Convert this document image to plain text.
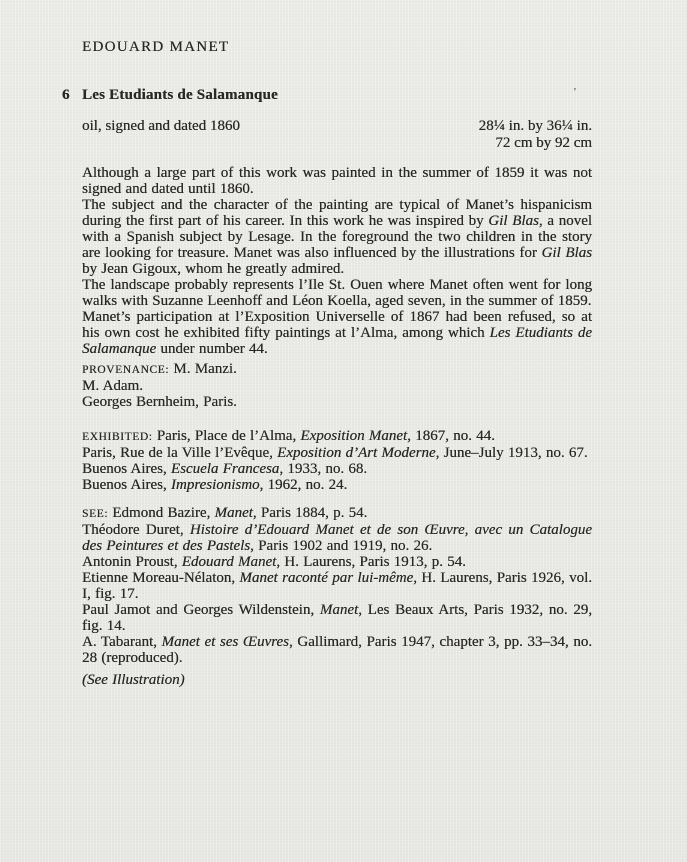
EDOUARD MANET
’
6 Les Etudiants de Salamanque
oil, signed and dated 1860	28¼ in. by 36¼ in.
72 cm by 92 cm

Although a large part of this work was painted in the summer of 1859 it was not signed and dated until 1860.

The subject and the character of the painting are typical of Manet’s hispanicism during the first part of his career. In this work he was inspired by Gil Blas, a novel with a Spanish subject by Lesage. In the foreground the two children in the story are looking for treasure. Manet was also influenced by the illustrations for Gil Blas by Jean Gigoux, whom he greatly admired.

The landscape probably represents l’Ile St. Ouen where Manet often went for long walks with Suzanne Leenhoff and Léon Koella, aged seven, in the summer of 1859.

Manet’s participation at l’Exposition Universelle of 1867 had been refused, so at his own cost he exhibited fifty paintings at l’Alma, among which Les Etudiants de Salamanque under number 44.

PROVENANCE: M. Manzi.

M. Adam.

Georges Bernheim, Paris.

EXHIBITED: Paris, Place de l’Alma, Exposition Manet, 1867, no. 44.

Paris, Rue de la Ville l’Evêque, Exposition d’Art Moderne, June–July 1913, no. 67.

Buenos Aires, Escuela Francesa, 1933, no. 68.

Buenos Aires, Impresionismo, 1962, no. 24.

SEE: Edmond Bazire, Manet, Paris 1884, p. 54.

Théodore Duret, Histoire d’Edouard Manet et de son Œuvre, avec un Catalogue des Peintures et des Pastels, Paris 1902 and 1919, no. 26.

Antonin Proust, Edouard Manet, H. Laurens, Paris 1913, p. 54.

Etienne Moreau-Nélaton, Manet raconté par lui-même, H. Laurens, Paris 1926, vol. I, fig. 17.

Paul Jamot and Georges Wildenstein, Manet, Les Beaux Arts, Paris 1932, no. 29, fig. 14.

A. Tabarant, Manet et ses Œuvres, Gallimard, Paris 1947, chapter 3, pp. 33–34, no. 28 (reproduced).

(See Illustration)
